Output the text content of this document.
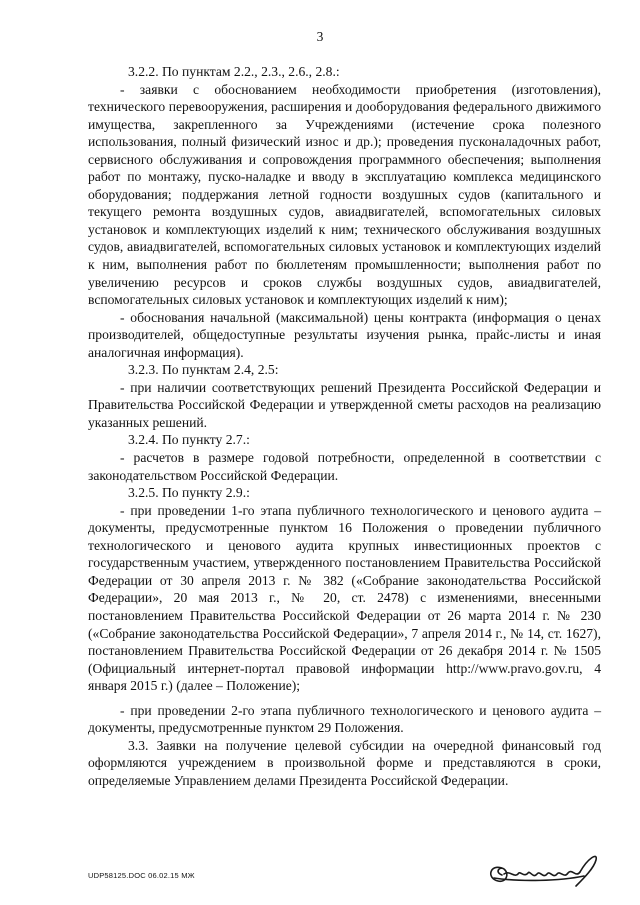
3

3.2.2. По пунктам 2.2., 2.3., 2.6., 2.8.:

- заявки с обоснованием необходимости приобретения (изготовления), технического перевооружения, расширения и дооборудования федерального движимого имущества, закрепленного за Учреждениями (истечение срока полезного использования, полный физический износ и др.); проведения пусконаладочных работ, сервисного обслуживания и сопровождения программного обеспечения; выполнения работ по монтажу, пуско-наладке и вводу в эксплуатацию комплекса медицинского оборудования; поддержания летной годности воздушных судов (капитального и текущего ремонта воздушных судов, авиадвигателей, вспомогательных силовых установок и комплектующих изделий к ним; технического обслуживания воздушных судов, авиадвигателей, вспомогательных силовых установок и комплектующих изделий к ним, выполнения работ по бюллетеням промышленности; выполнения работ по увеличению ресурсов и сроков службы воздушных судов, авиадвигателей, вспомогательных силовых установок и комплектующих изделий к ним);

- обоснования начальной (максимальной) цены контракта (информация о ценах производителей, общедоступные результаты изучения рынка, прайс-листы и иная аналогичная информация).

3.2.3. По пунктам 2.4, 2.5:

- при наличии соответствующих решений Президента Российской Федерации и Правительства Российской Федерации и утвержденной сметы расходов на реализацию указанных решений.

3.2.4. По пункту 2.7.:

- расчетов в размере годовой потребности, определенной в соответствии с законодательством Российской Федерации.

3.2.5. По пункту 2.9.:

- при проведении 1-го этапа публичного технологического и ценового аудита – документы, предусмотренные пунктом 16 Положения о проведении публичного технологического и ценового аудита крупных инвестиционных проектов с государственным участием, утвержденного постановлением Правительства Российской Федерации от 30 апреля 2013 г. № 382 («Собрание законодательства Российской Федерации», 20 мая 2013 г., № 20, ст. 2478) с изменениями, внесенными постановлением Правительства Российской Федерации от 26 марта 2014 г. № 230 («Собрание законодательства Российской Федерации», 7 апреля 2014 г., № 14, ст. 1627), постановлением Правительства Российской Федерации от 26 декабря 2014 г. № 1505 (Официальный интернет-портал правовой информации http://www.pravo.gov.ru, 4 января 2015 г.) (далее – Положение);

- при проведении 2-го этапа публичного технологического и ценового аудита – документы, предусмотренные пунктом 29 Положения.

3.3. Заявки на получение целевой субсидии на очередной финансовый год оформляются учреждением в произвольной форме и представляются в сроки, определяемые Управлением делами Президента Российской Федерации.

UDP58125.DOC 06.02.15 МЖ
